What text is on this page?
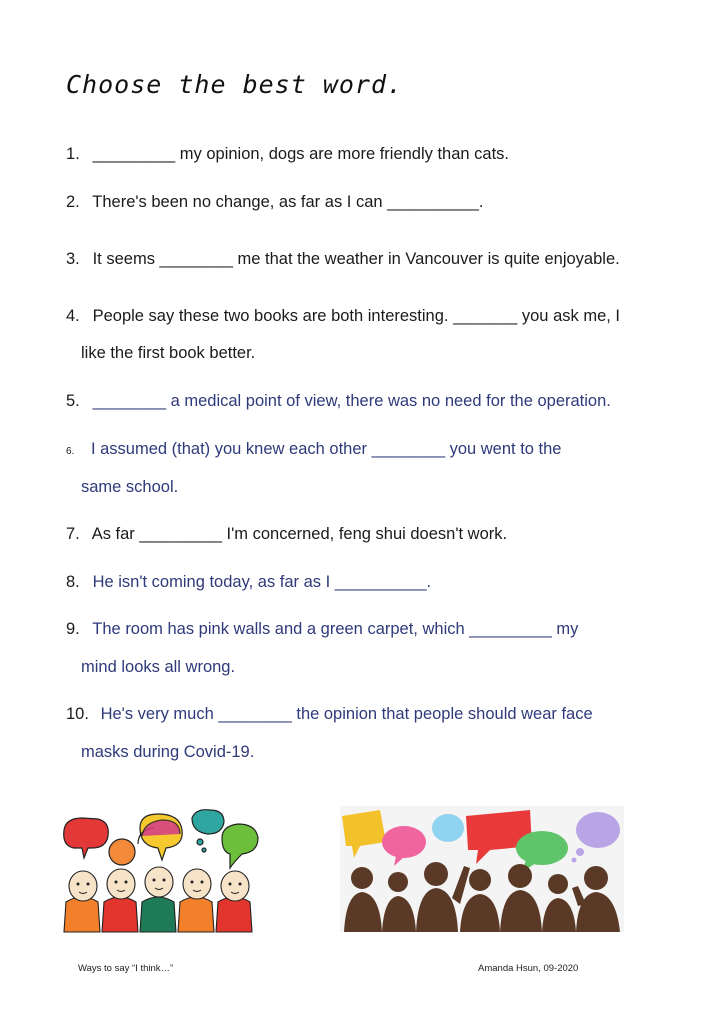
Choose the best word.
1. _________ my opinion, dogs are more friendly than cats.
2. There's been no change, as far as I can __________.
3. It seems ________ me that the weather in Vancouver is quite enjoyable.
4. People say these two books are both interesting. _______ you ask me, I
like the first book better.
5. ________ a medical point of view, there was no need for the operation.
6. I assumed (that) you knew each other ________ you went to the
same school.
7. As far _________ I'm concerned, feng shui doesn't work.
8. He isn't coming today, as far as I __________.
9. The room has pink walls and a green carpet, which _________ my
mind looks all wrong.
10. He's very much ________ the opinion that people should wear face
masks during Covid-19.
Ways to say “I think…”	Amanda Hsun, 09-2020
